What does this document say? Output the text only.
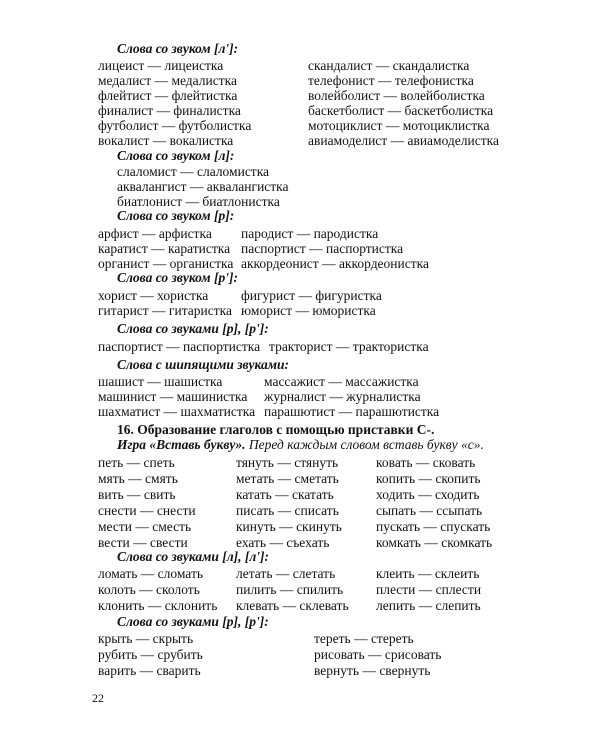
Слова со звуком [л']:
лицеист — лицеистка
медалист — медалистка
флейтист — флейтистка
финалист — финалистка
футболист — футболистка
вокалист — вокалистка
скандалист — скандалистка
телефонист — телефонистка
волейболист — волейболистка
баскетболист — баскетболистка
мотоциклист — мотоциклистка
авиамоделист — авиамоделистка
Слова со звуком [л]:
слаломист — слаломистка
аквалангист — аквалангистка
биатлонист — биатлонистка
Слова со звуком [р]:
арфист — арфистка
каратист — каратистка
органист — органистка
пародист — пародистка
паспортист — паспортистка
аккордеонист — аккордеонистка
Слова со звуком [р']:
хорист — хористка
гитарист — гитаристка
фигурист — фигуристка
юморист — юмористка
Слова со звуками [р], [р']:
паспортист — паспортистка тракторист — трактористка
Слова с шипящими звуками:
шашист — шашистка
машинист — машинистка
шахматист — шахматистка
массажист — массажистка
журналист — журналистка
парашютист — парашютистка
16. Образование глаголов с помощью приставки С-.
Игра «Вставь букву». Перед каждым словом вставь букву «с».
петь — спеть
мять — смять
вить — свить
снести — снести
мести — сместь
вести — свести
тянуть — стянуть
метать — сметать
катать — скатать
писать — списать
кинуть — скинуть
ехать — съехать
ковать — сковать
копить — скопить
ходить — сходить
сыпать — ссыпать
пускать — спускать
комкать — скомкать
Слова со звуками [л], [л']:
ломать — сломать
колоть — сколоть
клонить — склонить
летать — слетать
пилить — спилить
клевать — склевать
клеить — склеить
плести — сплести
лепить — слепить
Слова со звуками [р], [р']:
крыть — скрыть
рубить — срубить
варить — сварить
тереть — стереть
рисовать — срисовать
вернуть — свернуть
22
